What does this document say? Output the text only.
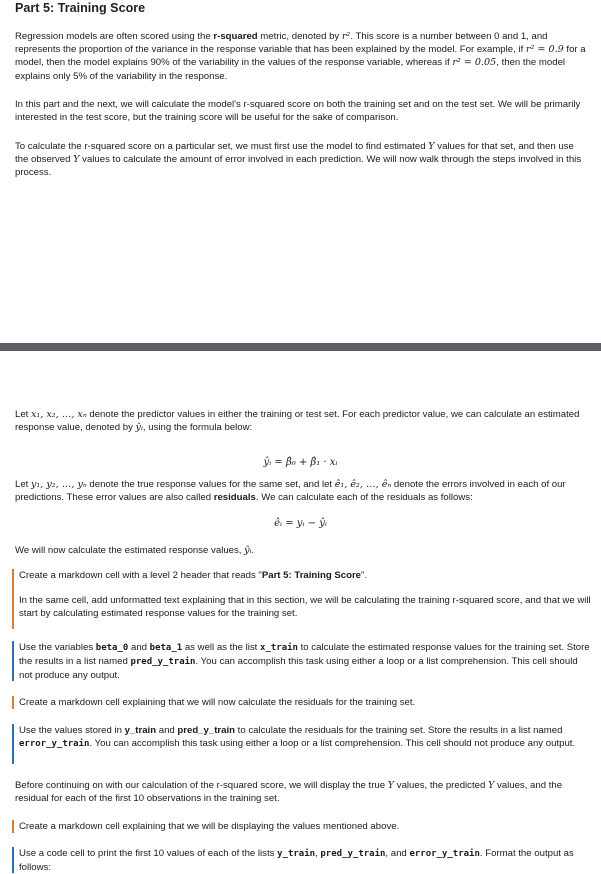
Part 5: Training Score

Regression models are often scored using the r-squared metric, denoted by r². This score is a number between 0 and 1, and represents the proportion of the variance in the response variable that has been explained by the model. For example, if r² = 0.9 for a model, then the model explains 90% of the variability in the values of the response variable, whereas if r² = 0.05, then the model explains only 5% of the variability in the response.

In this part and the next, we will calculate the model's r-squared score on both the training set and on the test set. We will be primarily interested in the test score, but the training score will be useful for the sake of comparison.

To calculate the r-squared score on a particular set, we must first use the model to find estimated Y values for that set, and then use the observed Y values to calculate the amount of error involved in each prediction. We will now walk through the steps involved in this process.

Let x₁, x₂, …, xₙ denote the predictor values in either the training or test set. For each predictor value, we can calculate an estimated response value, denoted by ŷᵢ, using the formula below:

ŷᵢ = β̂₀ + β̂₁ · xᵢ

Let y₁, y₂, …, yₙ denote the true response values for the same set, and let ê₁, ê₂, …, êₙ denote the errors involved in each of our predictions. These error values are also called residuals. We can calculate each of the residuals as follows:

êᵢ = yᵢ − ŷᵢ

We will now calculate the estimated response values, ŷᵢ.

Create a markdown cell with a level 2 header that reads "Part 5: Training Score".
In the same cell, add unformatted text explaining that in this section, we will be calculating the training r-squared score, and that we will start by calculating estimated response values for the training set.
Use the variables beta_0 and beta_1 as well as the list x_train to calculate the estimated response values for the training set. Store the results in a list named pred_y_train. You can accomplish this task using either a loop or a list comprehension. This cell should not produce any output.
Create a markdown cell explaining that we will now calculate the residuals for the training set.
Use the values stored in y_train and pred_y_train to calculate the residuals for the training set. Store the results in a list named error_y_train. You can accomplish this task using either a loop or a list comprehension. This cell should not produce any output.

Before continuing on with our calculation of the r-squared score, we will display the true Y values, the predicted Y values, and the residual for each of the first 10 observations in the training set.

Create a markdown cell explaining that we will be displaying the values mentioned above.
Use a code cell to print the first 10 values of each of the lists y_train, pred_y_train, and error_y_train. Format the output as follows:
